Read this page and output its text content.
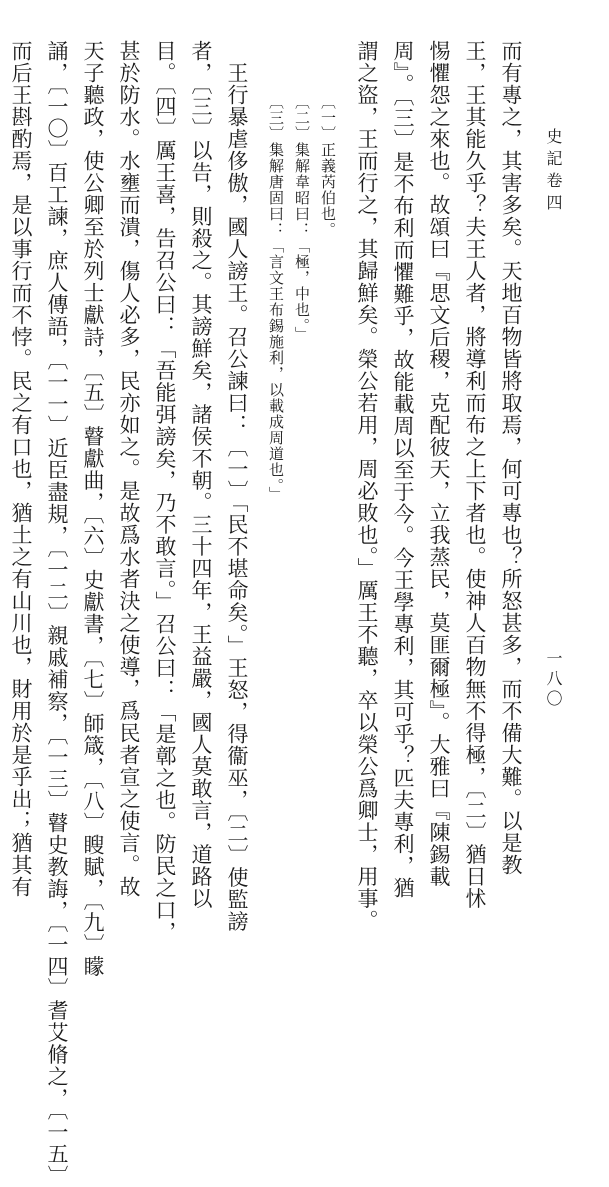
史記卷四
一八〇
而有專之，其害多矣。天地百物皆將取焉，何可專也？所怒甚多，而不備大難。以是教
王，王其能久乎？夫王人者，將導利而布之上下者也。使神人百物無不得極，〔二〕猶日怵
惕懼怨之來也。故頌曰『思文后稷，克配彼天，立我蒸民，莫匪爾極』。大雅曰『陳錫載
周』。〔三〕是不布利而懼難乎，故能載周以至于今。今王學專利，其可乎？匹夫專利，猶
謂之盜，王而行之，其歸鮮矣。榮公若用，周必敗也。」厲王不聽，卒以榮公爲卿士，用事。
〔一〕正義芮伯也。
〔二〕集解韋昭曰：「極，中也。」
〔三〕集解唐固曰：「言文王布錫施利，以載成周道也。」
王行暴虐侈傲，國人謗王。召公諫曰：〔一〕「民不堪命矣。」王怒，得衞巫，〔二〕使監謗
者，〔三〕以告，則殺之。其謗鮮矣，諸侯不朝。三十四年，王益嚴，國人莫敢言，道路以
目。〔四〕厲王喜，告召公曰：「吾能弭謗矣，乃不敢言。」召公曰：「是鄣之也。防民之口，
甚於防水。水壅而潰，傷人必多，民亦如之。是故爲水者決之使導，爲民者宣之使言。故
天子聽政，使公卿至於列士獻詩，〔五〕瞽獻曲，〔六〕史獻書，〔七〕師箴，〔八〕瞍賦，〔九〕矇
誦，〔一〇〕百工諫，庶人傳語，〔一一〕近臣盡規，〔一二〕親戚補察，〔一三〕瞽史教誨，〔一四〕耆艾脩之，〔一五〕
而后王斟酌焉，是以事行而不悖。民之有口也，猶土之有山川也，財用於是乎出；猶其有
